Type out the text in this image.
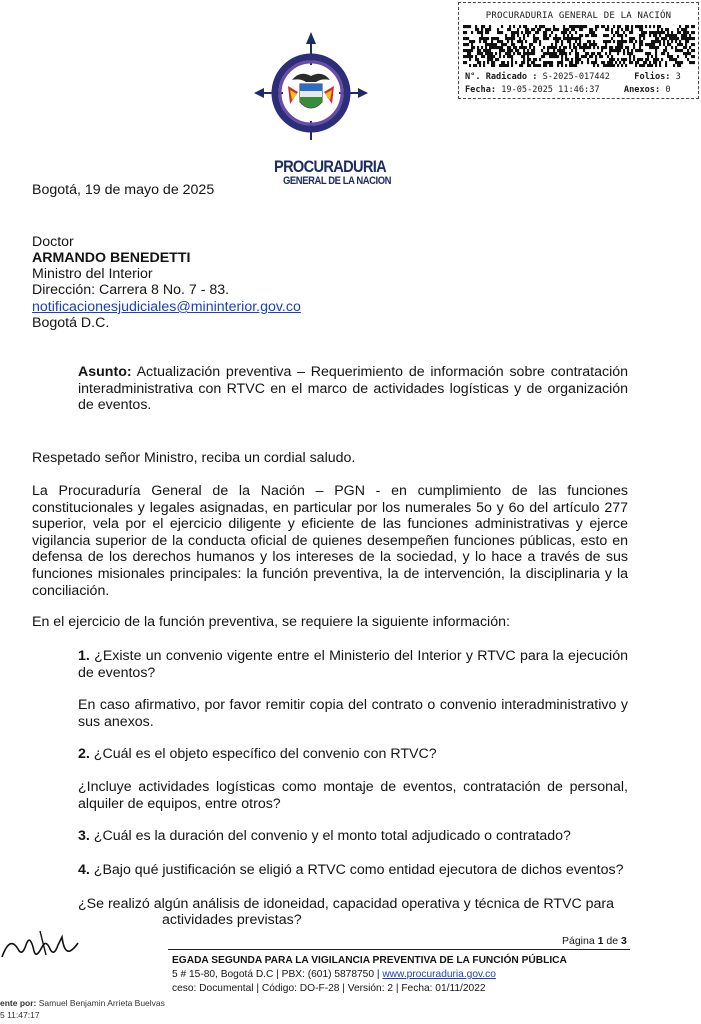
PROCURADURIA
GENERAL DE LA NACION
PROCURADURIA GENERAL DE LA NACIÓN
N°. Radicado : S-2025-017442	Folios: 3
Fecha: 19-05-2025 11:46:37	Anexos: 0
Bogotá, 19 de mayo de 2025
Doctor
ARMANDO BENEDETTI
Ministro del Interior
Dirección: Carrera 8 No. 7 - 83.
notificacionesjudiciales@mininterior.gov.co
Bogotá D.C.
Asunto: Actualización preventiva – Requerimiento de información sobre contratación interadministrativa con RTVC en el marco de actividades logísticas y de organización de eventos.
Respetado señor Ministro, reciba un cordial saludo.
La Procuraduría General de la Nación – PGN - en cumplimiento de las funciones constitucionales y legales asignadas, en particular por los numerales 5o y 6o del artículo 277 superior, vela por el ejercicio diligente y eficiente de las funciones administrativas y ejerce vigilancia superior de la conducta oficial de quienes desempeñen funciones públicas, esto en defensa de los derechos humanos y los intereses de la sociedad, y lo hace a través de sus funciones misionales principales: la función preventiva, la de intervención, la disciplinaria y la conciliación.
En el ejercicio de la función preventiva, se requiere la siguiente información:
1. ¿Existe un convenio vigente entre el Ministerio del Interior y RTVC para la ejecución de eventos?
En caso afirmativo, por favor remitir copia del contrato o convenio interadministrativo y sus anexos.
2. ¿Cuál es el objeto específico del convenio con RTVC?
¿Incluye actividades logísticas como montaje de eventos, contratación de personal, alquiler de equipos, entre otros?
3. ¿Cuál es la duración del convenio y el monto total adjudicado o contratado?
4. ¿Bajo qué justificación se eligió a RTVC como entidad ejecutora de dichos eventos?
¿Se realizó algún análisis de idoneidad, capacidad operativa y técnica de RTVC para
actividades previstas?
Página 1 de 3
EGADA SEGUNDA PARA LA VIGILANCIA PREVENTIVA DE LA FUNCIÓN PÚBLICA
5 # 15-80, Bogotá D.C | PBX: (601) 5878750 | www.procuraduria.gov.co
ceso: Documental | Código: DO-F-28 | Versión: 2 | Fecha: 01/11/2022
ente por: Samuel Benjamin Arrieta Buelvas
5 11:47:17
